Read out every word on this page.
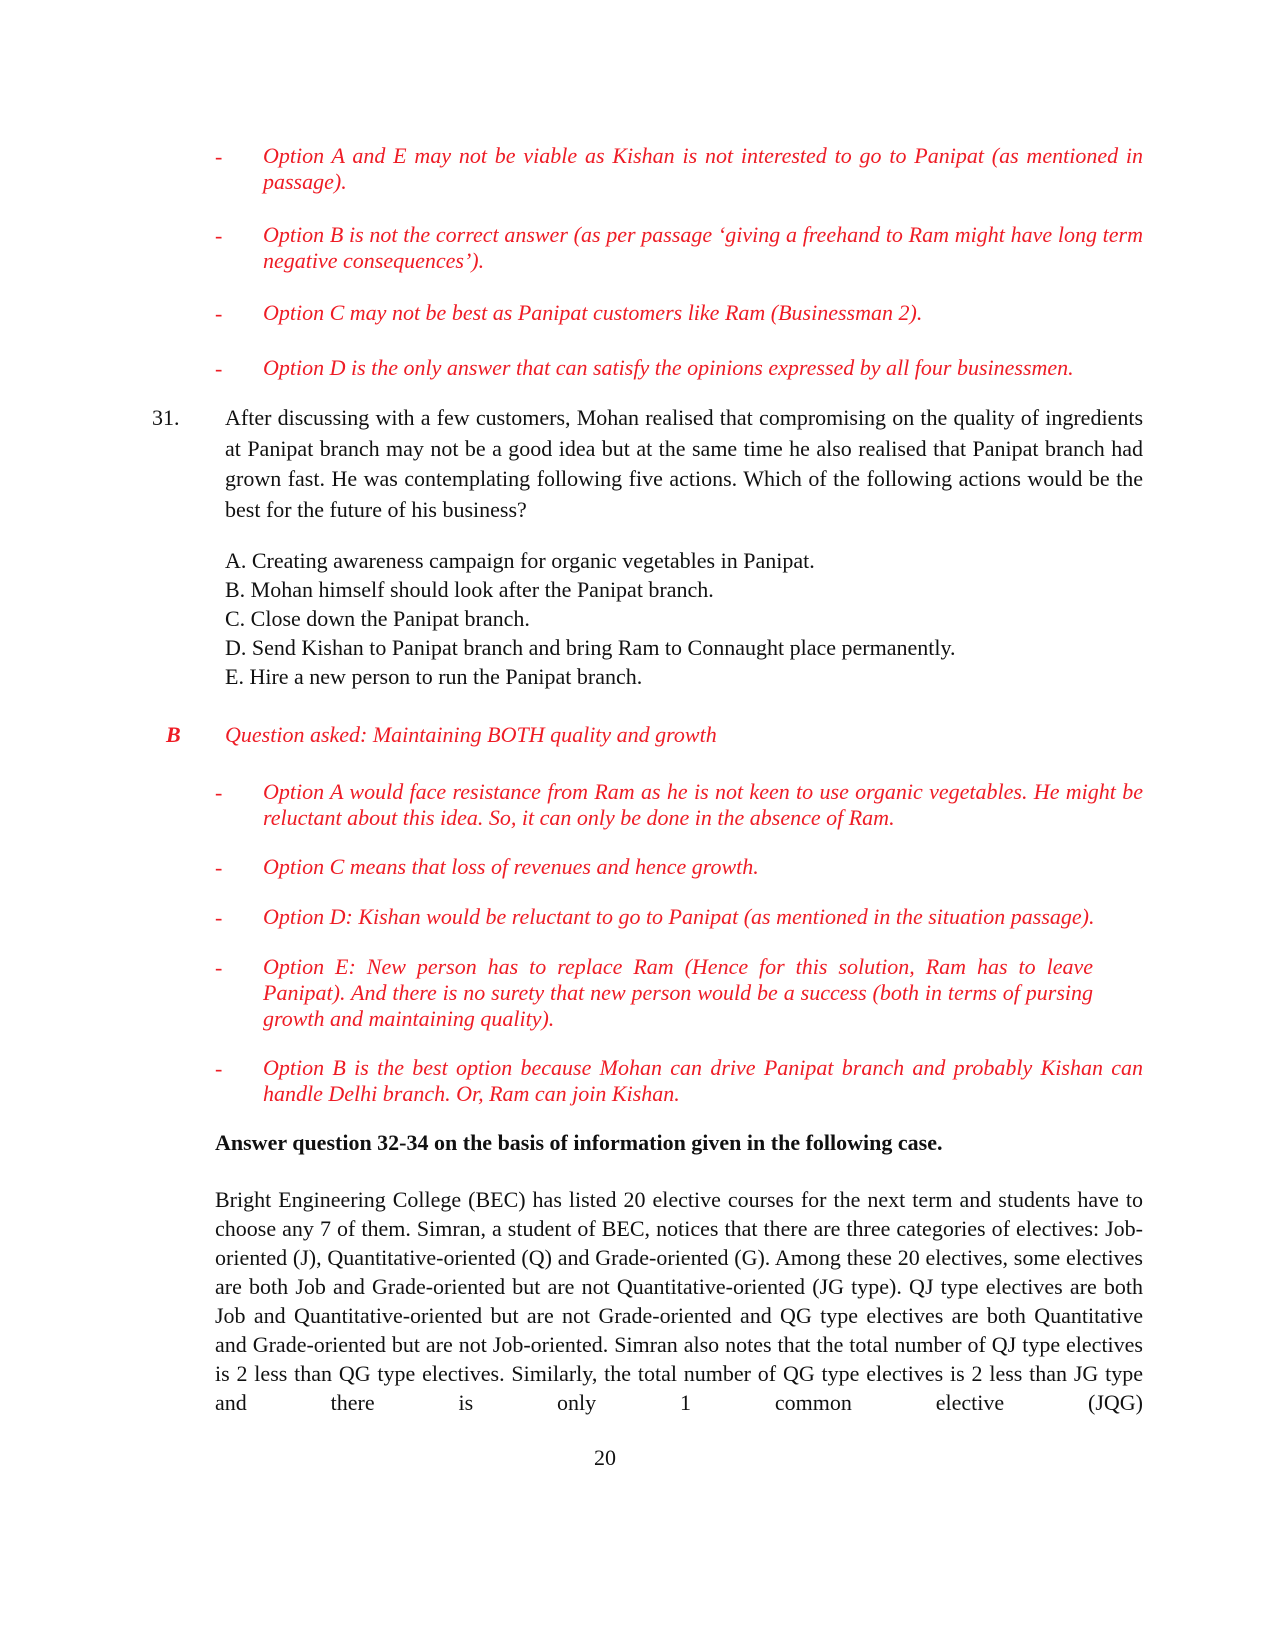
-	Option A and E may not be viable as Kishan is not interested to go to Panipat (as mentioned in passage).

-	Option B is not the correct answer (as per passage ‘giving a freehand to Ram might have long term negative consequences’).

-	Option C may not be best as Panipat customers like Ram (Businessman 2).

-	Option D is the only answer that can satisfy the opinions expressed by all four businessmen.

31. After discussing with a few customers, Mohan realised that compromising on the quality of ingredients at Panipat branch may not be a good idea but at the same time he also realised that Panipat branch had grown fast. He was contemplating following five actions. Which of the following actions would be the best for the future of his business?

A. Creating awareness campaign for organic vegetables in Panipat.

B. Mohan himself should look after the Panipat branch.

C. Close down the Panipat branch.

D. Send Kishan to Panipat branch and bring Ram to Connaught place permanently.

E. Hire a new person to run the Panipat branch.

B Question asked: Maintaining BOTH quality and growth
-	Option A would face resistance from Ram as he is not keen to use organic vegetables. He might be reluctant about this idea. So, it can only be done in the absence of Ram.

-	Option C means that loss of revenues and hence growth.

-	Option D: Kishan would be reluctant to go to Panipat (as mentioned in the situation passage).

-	Option E: New person has to replace Ram (Hence for this solution, Ram has to leave Panipat). And there is no surety that new person would be a success (both in terms of pursing growth and maintaining quality).

-	Option B is the best option because Mohan can drive Panipat branch and probably Kishan can handle Delhi branch. Or, Ram can join Kishan.

Answer question 32-34 on the basis of information given in the following case.

Bright Engineering College (BEC) has listed 20 elective courses for the next term and students have to choose any 7 of them. Simran, a student of BEC, notices that there are three categories of electives: Job-oriented (J), Quantitative-oriented (Q) and Grade-oriented (G). Among these 20 electives, some electives are both Job and Grade-oriented but are not Quantitative-oriented (JG type). QJ type electives are both Job and Quantitative-oriented but are not Grade-oriented and QG type electives are both Quantitative and Grade-oriented but are not Job-oriented. Simran also notes that the total number of QJ type electives is 2 less than QG type electives. Similarly, the total number of QG type electives is 2 less than JG type and there is only 1 common elective (JQG)

20
